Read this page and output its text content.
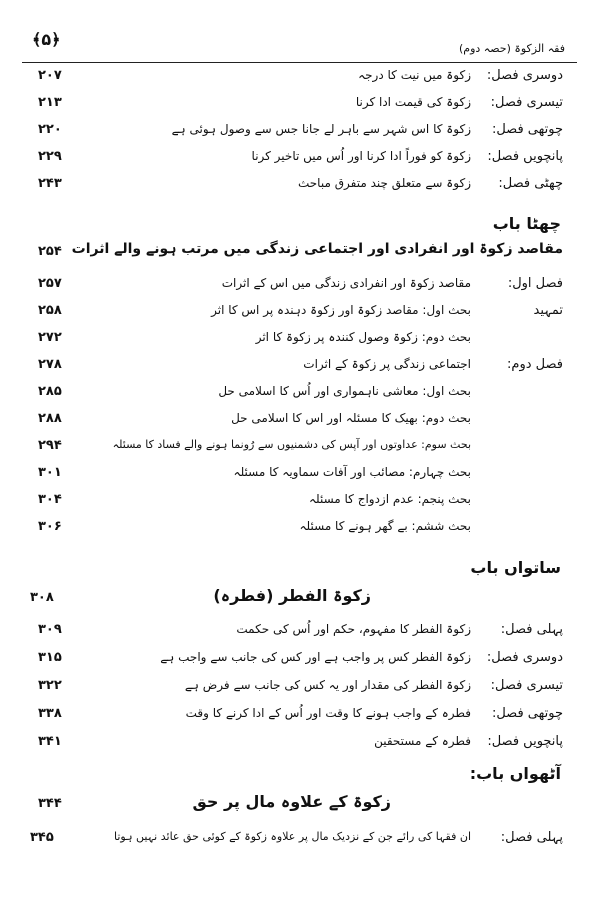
﴿۵﴾	فقہ الزکوۃ (حصہ دوم)
دوسری فصل:
زکوۃ میں نیت کا درجہ
۲۰۷
تیسری فصل:
زکوۃ کی قیمت ادا کرنا
۲۱۳
چوتھی فصل:
زکوۃ کا اس شہر سے باہر لے جانا جس سے وصول ہوئی ہے
۲۲۰
پانچویں فصل:
زکوۃ کو فوراً ادا کرنا اور اُس میں تاخیر کرنا
۲۲۹
چھٹی فصل:
زکوۃ سے متعلق چند متفرق مباحث
۲۴۳
چھٹا باب
مقاصد زکوۃ اور انفرادی اور اجتماعی زندگی میں مرتب ہونے والے اثرات
۲۵۴
فصل اول:
مقاصد زکوۃ اور انفرادی زندگی میں اس کے اثرات
۲۵۷
تمہید
بحث اول: مقاصد زکوۃ اور زکوۃ دہندہ پر اس کا اثر
۲۵۸
بحث دوم: زکوۃ وصول کنندہ پر زکوۃ کا اثر
۲۷۲
فصل دوم:
اجتماعی زندگی پر زکوۃ کے اثرات
۲۷۸
بحث اول: معاشی ناہمواری اور اُس کا اسلامی حل
۲۸۵
بحث دوم: بھیک کا مسئلہ اور اس کا اسلامی حل
۲۸۸
بحث سوم: عداوتوں اور آپس کی دشمنیوں سے رُونما ہونے والے فساد کا مسئلہ
۲۹۴
بحث چہارم: مصائب اور آفات سماویہ کا مسئلہ
۳۰۱
بحث پنجم: عدم ازدواج کا مسئلہ
۳۰۴
بحث ششم: بے گھر ہونے کا مسئلہ
۳۰۶
ساتواں باب
زکوۃ الفطر (فطرہ)
۳۰۸
پہلی فصل:
زکوۃ الفطر کا مفہوم، حکم اور اُس کی حکمت
۳۰۹
دوسری فصل:
زکوۃ الفطر کس پر واجب ہے اور کس کی جانب سے واجب ہے
۳۱۵
تیسری فصل:
زکوۃ الفطر کی مقدار اور یہ کس کی جانب سے فرض ہے
۳۲۲
چوتھی فصل:
فطرہ کے واجب ہونے کا وقت اور اُس کے ادا کرنے کا وقت
۳۳۸
پانچویں فصل:
فطرہ کے مستحقین
۳۴۱
آٹھواں باب:
زکوۃ کے علاوہ مال پر حق
۳۴۴
پہلی فصل:
ان فقہا کی رائے جن کے نزدیک مال پر علاوہ زکوۃ کے کوئی حق عائد نہیں ہوتا
۳۴۵
